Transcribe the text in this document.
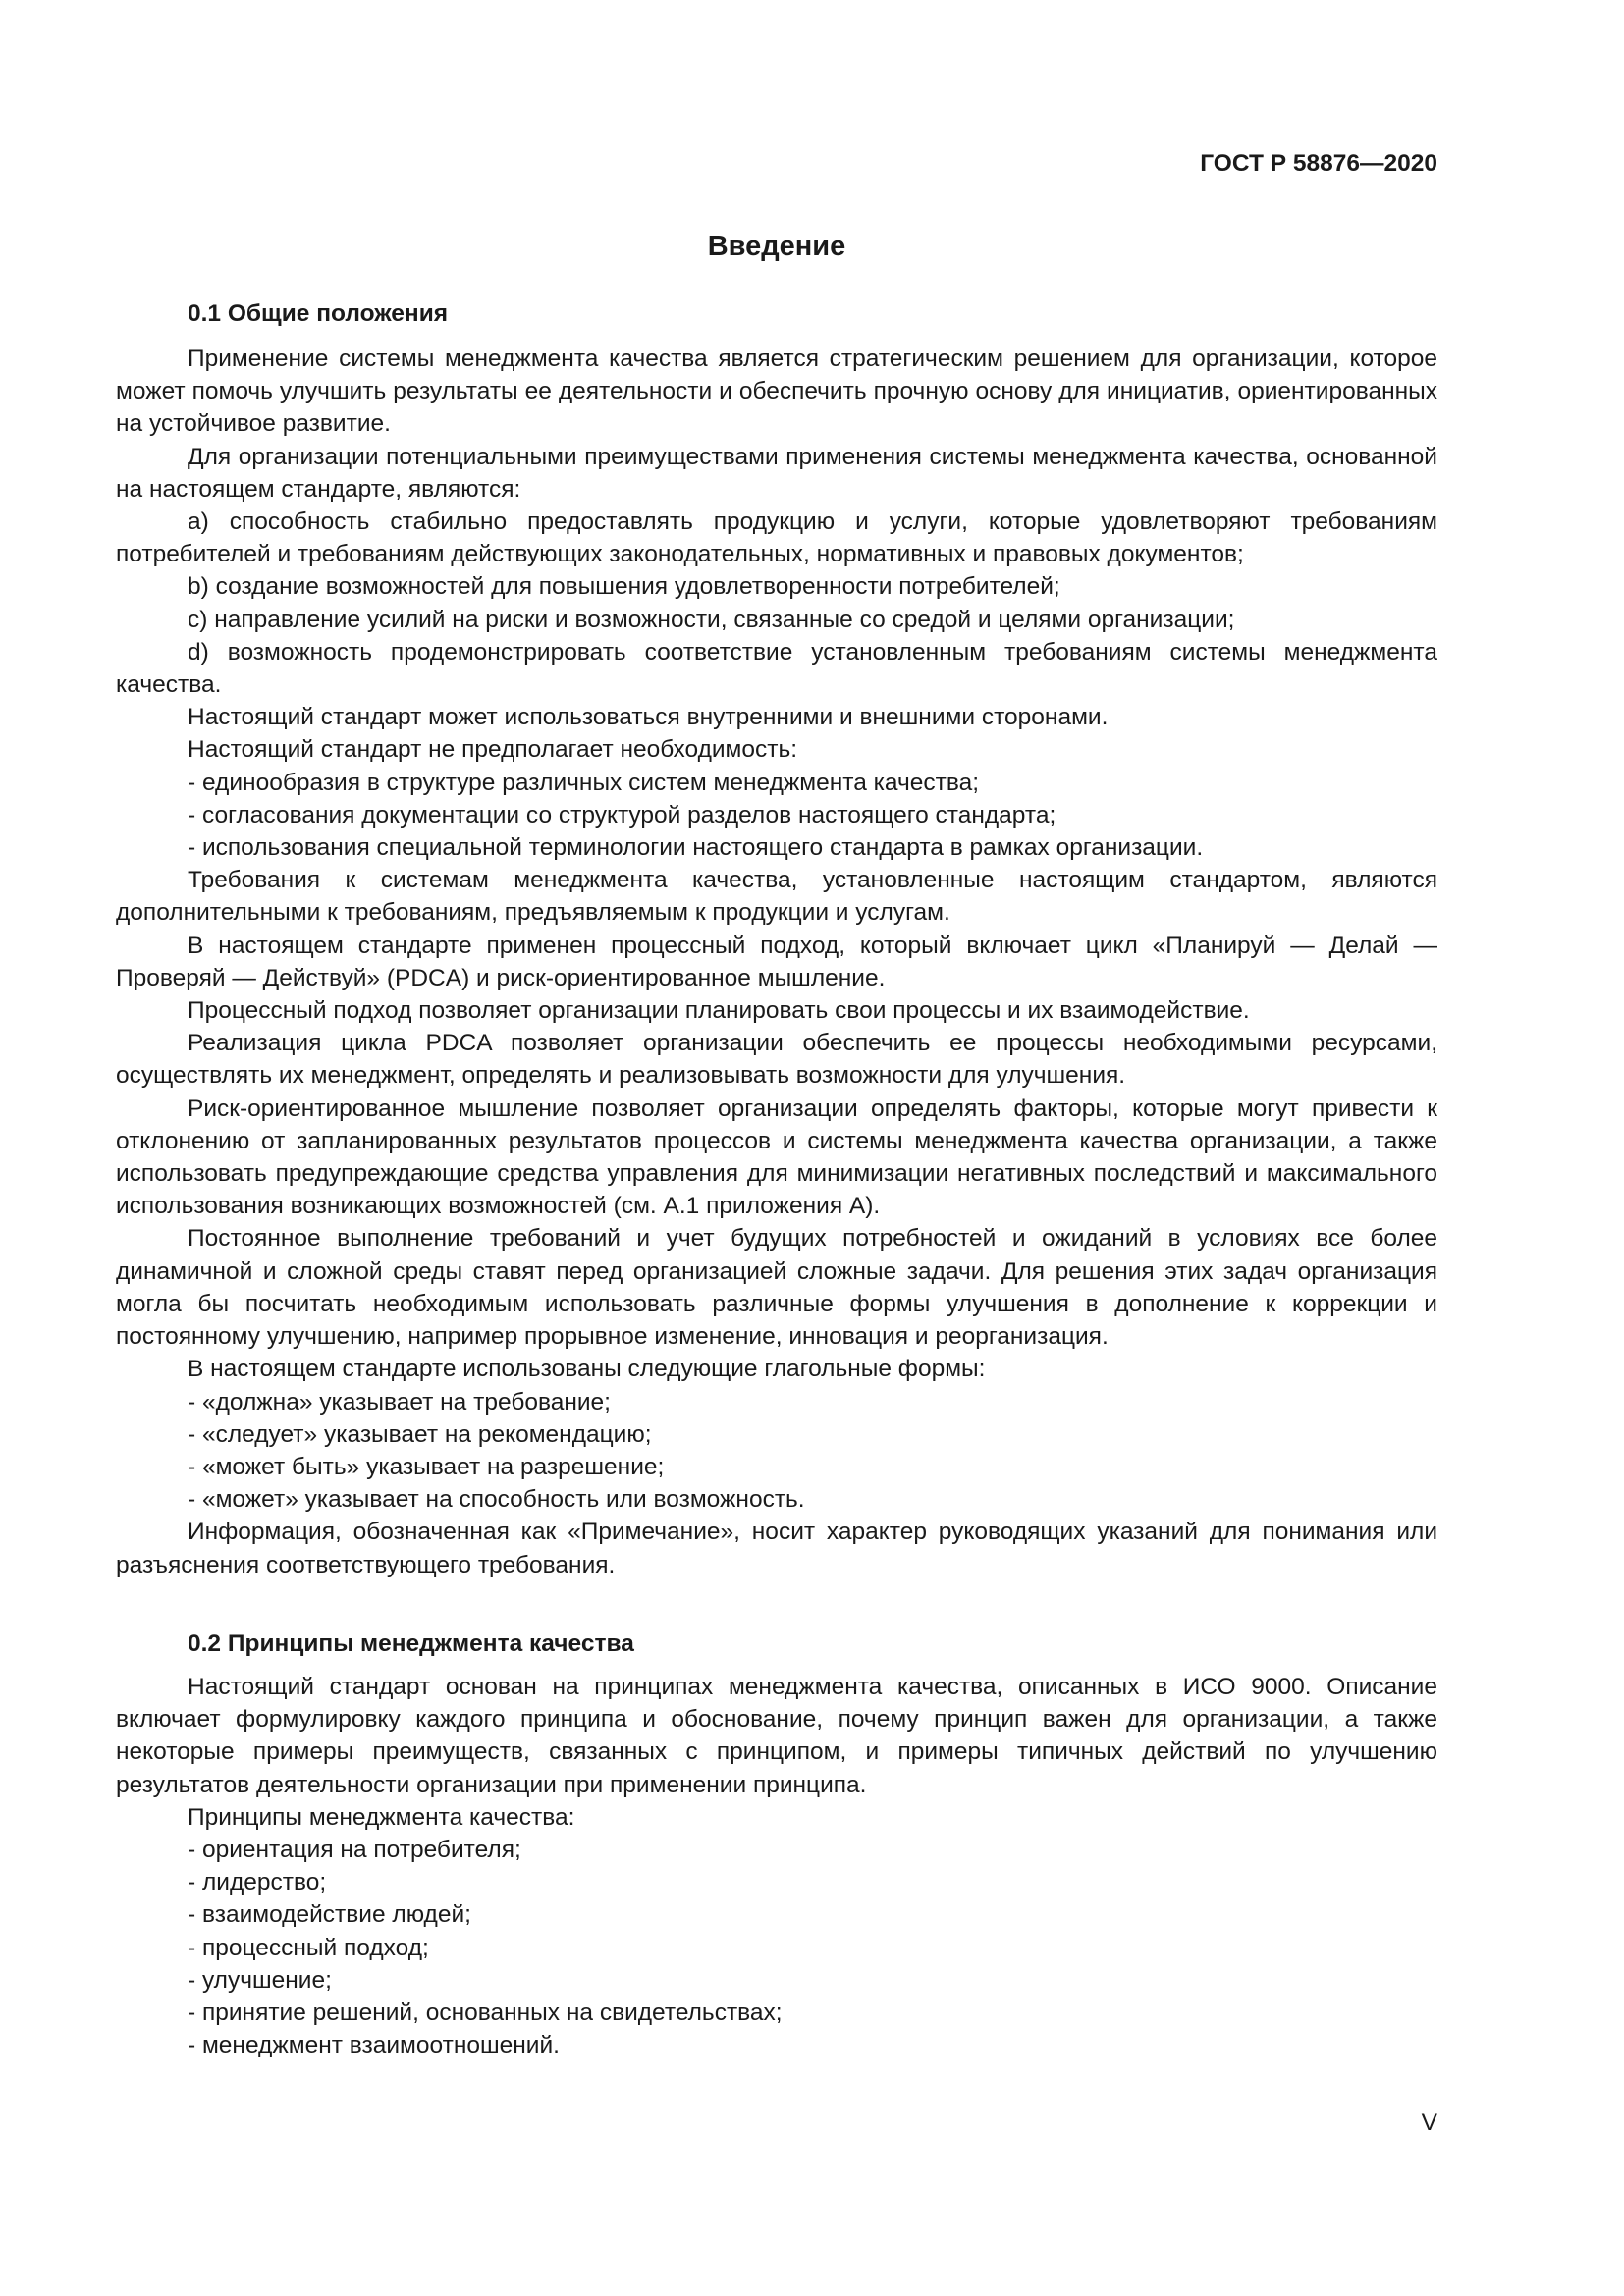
ГОСТ Р 58876—2020
Введение
0.1 Общие положения

Применение системы менеджмента качества является стратегическим решением для организации, которое может помочь улучшить результаты ее деятельности и обеспечить прочную основу для инициатив, ориентированных на устойчивое развитие.

Для организации потенциальными преимуществами применения системы менеджмента качества, основанной на настоящем стандарте, являются:

а) способность стабильно предоставлять продукцию и услуги, которые удовлетворяют требованиям потребителей и требованиям действующих законодательных, нормативных и правовых документов;

b) создание возможностей для повышения удовлетворенности потребителей;

с) направление усилий на риски и возможности, связанные со средой и целями организации;

d) возможность продемонстрировать соответствие установленным требованиям системы менеджмента качества.

Настоящий стандарт может использоваться внутренними и внешними сторонами.

Настоящий стандарт не предполагает необходимость:

- единообразия в структуре различных систем менеджмента качества;

- согласования документации со структурой разделов настоящего стандарта;

- использования специальной терминологии настоящего стандарта в рамках организации.

Требования к системам менеджмента качества, установленные настоящим стандартом, являются дополнительными к требованиям, предъявляемым к продукции и услугам.

В настоящем стандарте применен процессный подход, который включает цикл «Планируй — Делай — Проверяй — Действуй» (PDCA) и риск-ориентированное мышление.

Процессный подход позволяет организации планировать свои процессы и их взаимодействие.

Реализация цикла PDCA позволяет организации обеспечить ее процессы необходимыми ресурсами, осуществлять их менеджмент, определять и реализовывать возможности для улучшения.

Риск-ориентированное мышление позволяет организации определять факторы, которые могут привести к отклонению от запланированных результатов процессов и системы менеджмента качества организации, а также использовать предупреждающие средства управления для минимизации негативных последствий и максимального использования возникающих возможностей (см. А.1 приложения А).

Постоянное выполнение требований и учет будущих потребностей и ожиданий в условиях все более динамичной и сложной среды ставят перед организацией сложные задачи. Для решения этих задач организация могла бы посчитать необходимым использовать различные формы улучшения в дополнение к коррекции и постоянному улучшению, например прорывное изменение, инновация и реорганизация.

В настоящем стандарте использованы следующие глагольные формы:

- «должна» указывает на требование;

- «следует» указывает на рекомендацию;

- «может быть» указывает на разрешение;

- «может» указывает на способность или возможность.

Информация, обозначенная как «Примечание», носит характер руководящих указаний для понимания или разъяснения соответствующего требования.

0.2 Принципы менеджмента качества

Настоящий стандарт основан на принципах менеджмента качества, описанных в ИСО 9000. Описание включает формулировку каждого принципа и обоснование, почему принцип важен для организации, а также некоторые примеры преимуществ, связанных с принципом, и примеры типичных действий по улучшению результатов деятельности организации при применении принципа.

Принципы менеджмента качества:

- ориентация на потребителя;

- лидерство;

- взаимодействие людей;

- процессный подход;

- улучшение;

- принятие решений, основанных на свидетельствах;

- менеджмент взаимоотношений.

V
